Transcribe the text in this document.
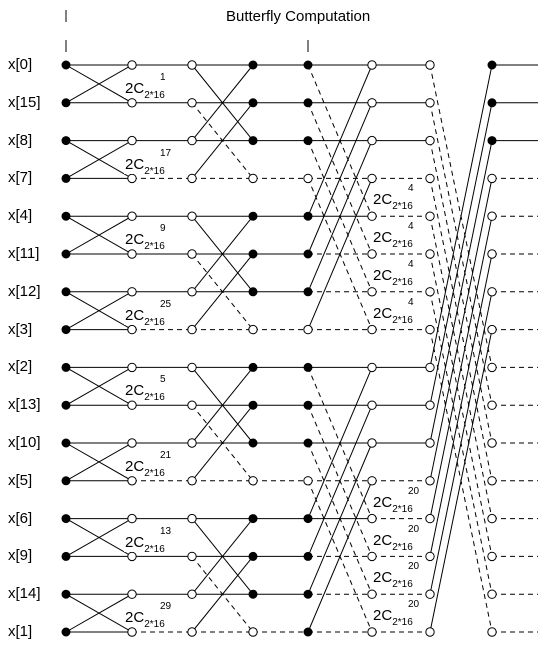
Butterfly Computation
x[0]
x[15]
x[8]
x[7]
x[4]
x[11]
x[12]
x[3]
x[2]
x[13]
x[10]
x[5]
x[6]
x[9]
x[14]
x[1]
$2C_{2*16}$
1
$2C_{2*16}$
17
$2C_{2*16}$
9
$2C_{2*16}$
25
$2C_{2*16}$
5
$2C_{2*16}$
21
$2C_{2*16}$
13
$2C_{2*16}$
29
$2C_{2*16}$
4
$2C_{2*16}$
4
$2C_{2*16}$
4
$2C_{2*16}$
4
$2C_{2*16}$
20
$2C_{2*16}$
20
$2C_{2*16}$
20
$2C_{2*16}$
20
